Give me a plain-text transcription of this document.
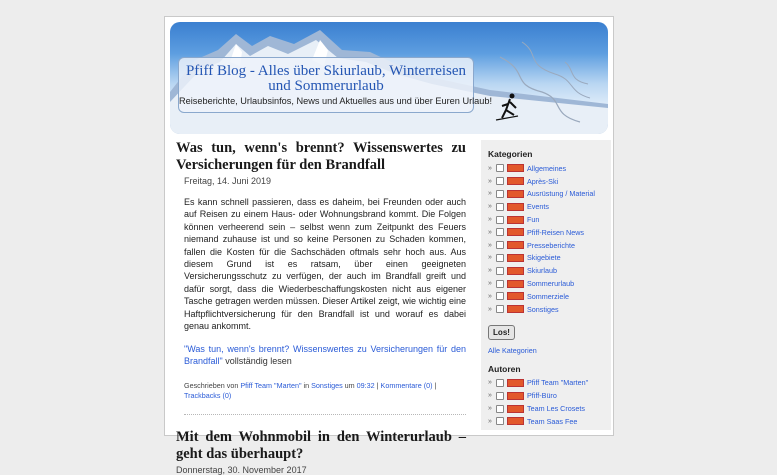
Pfiff Blog - Alles über Skiurlaub, Winterreisen und Sommerurlaub
Reiseberichte, Urlaubsinfos, News und Aktuelles aus und über Euren Urlaub!
Was tun, wenn's brennt? Wissenswertes zu Versicherungen für den Brandfall
Freitag, 14. Juni 2019

Es kann schnell passieren, dass es daheim, bei Freunden oder auch auf Reisen zu einem Haus- oder Wohnungsbrand kommt. Die Folgen können verheerend sein – selbst wenn zum Zeitpunkt des Feuers niemand zuhause ist und so keine Personen zu Schaden kommen, fallen die Kosten für die Sachschäden oftmals sehr hoch aus. Aus diesem Grund ist es ratsam, über einen geeigneten Versicherungsschutz zu verfügen, der auch im Brandfall greift und dafür sorgt, dass die Wiederbeschaffungskosten nicht aus eigener Tasche getragen werden müssen. Dieser Artikel zeigt, wie wichtig eine Haftpflichtversicherung für den Brandfall ist und worauf es dabei genau ankommt.

"Was tun, wenn's brennt? Wissenswertes zu Versicherungen für den Brandfall" vollständig lesen

Geschrieben von Pfiff Team "Marten" in Sonstiges um 09:32 | Kommentare (0) | Trackbacks (0)
Mit dem Wohnmobil in den Winterurlaub – geht das überhaupt?
Donnerstag, 30. November 2017
Kategorien
»	Allgemeines
»	Après-Ski
»	Ausrüstung / Material
»	Events
»	Fun
»	Pfiff-Reisen News
»	Presseberichte
»	Skigebiete
»	Skiurlaub
»	Sommerurlaub
»	Sommerziele
»	Sonstiges
Los!
Alle Kategorien
Autoren
»	Pfiff Team "Marten"
»	Pfiff-Büro
»	Team Les Crosets
»	Team Saas Fee
